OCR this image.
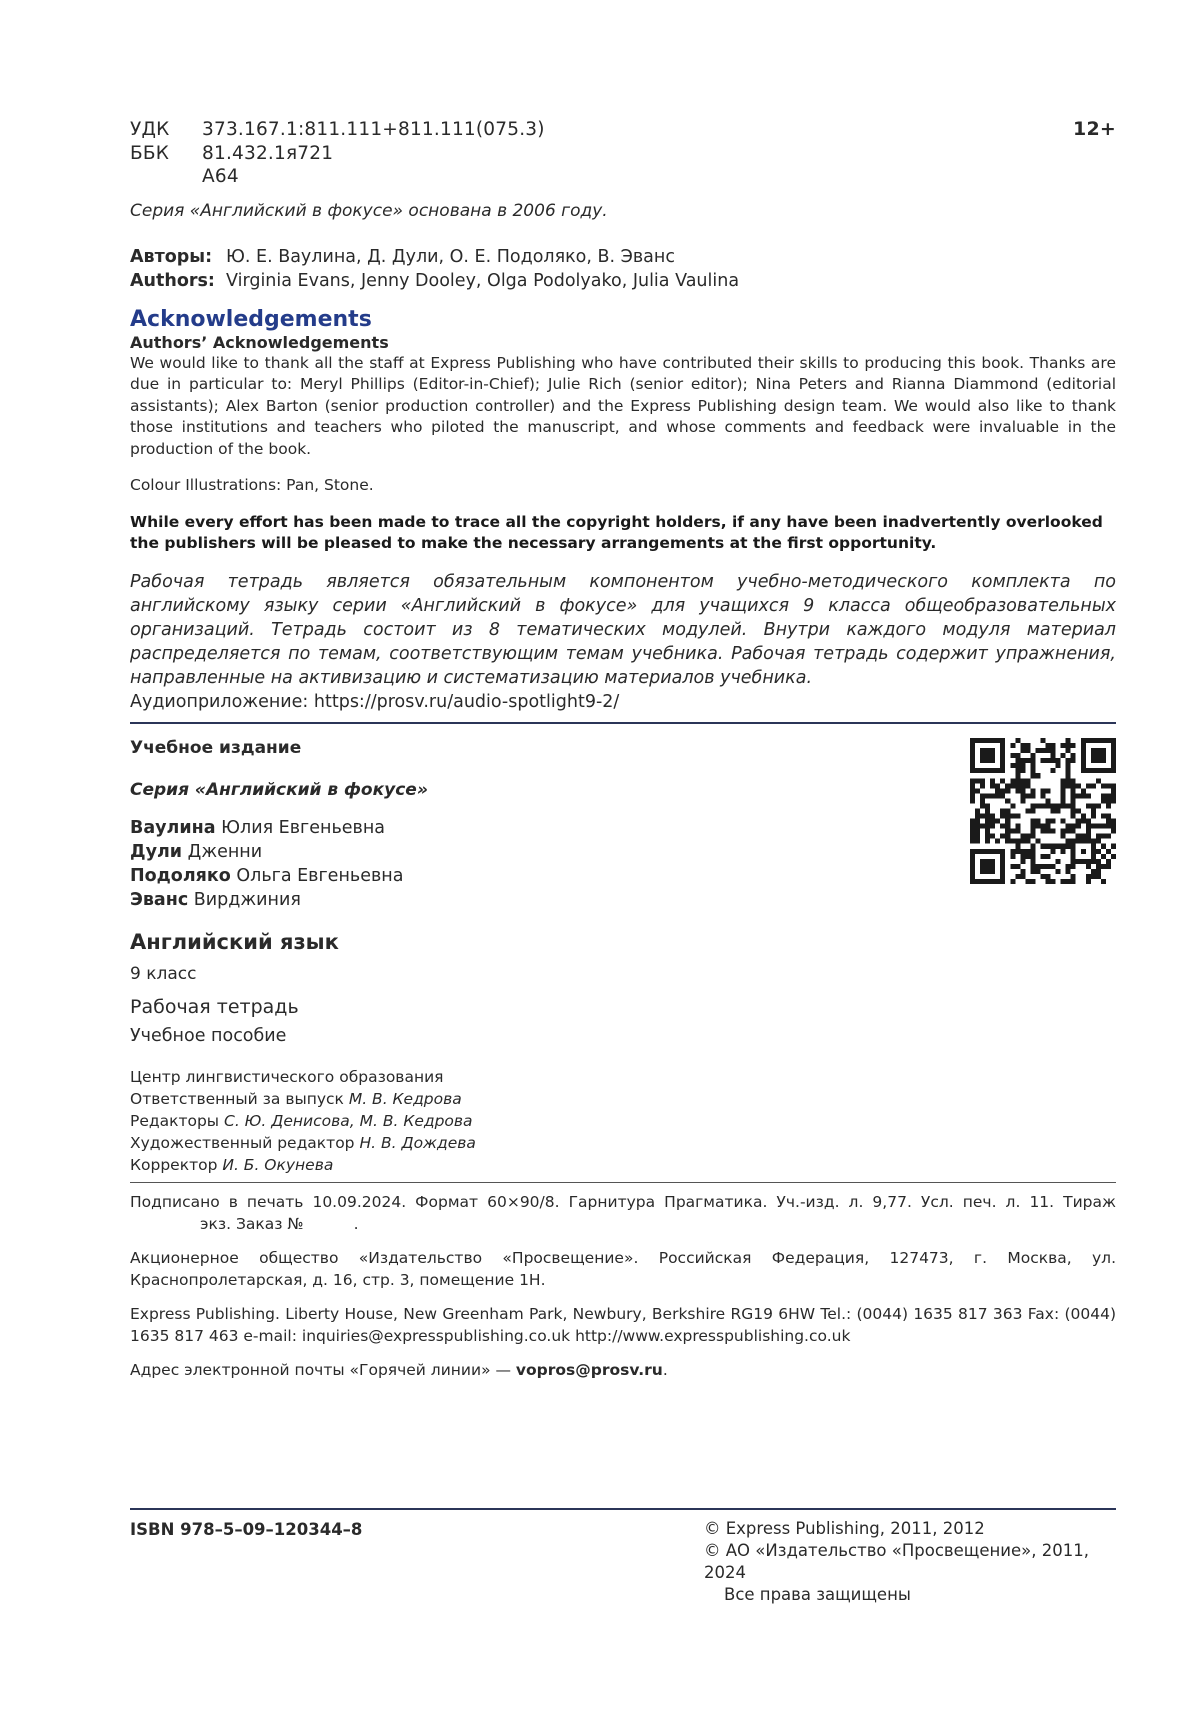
УДК	373.167.1:811.111+811.111(075.3)
ББК	81.432.1я721
А64
12+
Серия «Английский в фокусе» основана в 2006 году.
Авторы: Ю. Е. Ваулина, Д. Дули, О. Е. Подоляко, В. Эванс
Authors: Virginia Evans, Jenny Dooley, Olga Podolyako, Julia Vaulina
Acknowledgements
Authors’ Acknowledgements
We would like to thank all the staff at Express Publishing who have contributed their skills to producing this book. Thanks are due in particular to: Meryl Phillips (Editor-in-Chief); Julie Rich (senior editor); Nina Peters and Rianna Diammond (editorial assistants); Alex Barton (senior production controller) and the Express Publishing design team. We would also like to thank those institutions and teachers who piloted the manuscript, and whose comments and feedback were invaluable in the production of the book.
Colour Illustrations: Pan, Stone.
While every effort has been made to trace all the copyright holders, if any have been inadvertently overlooked the publishers will be pleased to make the necessary arrangements at the first opportunity.
Рабочая тетрадь является обязательным компонентом учебно-методического комплекта по английскому языку серии «Английский в фокусе» для учащихся 9 класса общеобразовательных организаций. Тетрадь состоит из 8 тематических модулей. Внутри каждого модуля материал распределяется по темам, соответствующим темам учебника. Рабочая тетрадь содержит упражнения, направленные на активизацию и систематизацию материалов учебника.
Аудиоприложение: https://prosv.ru/audio-spotlight9-2/
Учебное издание
Серия «Английский в фокусе»
Ваулина Юлия Евгеньевна
Дули Дженни
Подоляко Ольга Евгеньевна
Эванс Вирджиния
Английский язык
9 класс
Рабочая тетрадь
Учебное пособие
Центр лингвистического образования
Ответственный за выпуск М. В. Кедрова
Редакторы С. Ю. Денисова, М. В. Кедрова
Художественный редактор Н. В. Дождева
Корректор И. Б. Окунева
Подписано в печать 10.09.2024. Формат 60×90/8. Гарнитура Прагматика. Уч.-изд. л. 9,77. Усл. печ. л. 11. Тиражэкз. Заказ №	.
Акционерное общество «Издательство «Просвещение». Российская Федерация, 127473, г. Москва, ул. Краснопролетарская, д. 16, стр. 3, помещение 1Н.
Express Publishing. Liberty House, New Greenham Park, Newbury, Berkshire RG19 6HW Tel.: (0044) 1635 817 363 Fax: (0044) 1635 817 463 e-mail: inquiries@expresspublishing.co.uk http://www.expresspublishing.co.uk
Адрес электронной почты «Горячей линии» — vopros@prosv.ru.
ISBN 978–5–09–120344–8	© Express Publishing, 2011, 2012
© АО «Издательство «Просвещение», 2011, 2024
Все права защищены
